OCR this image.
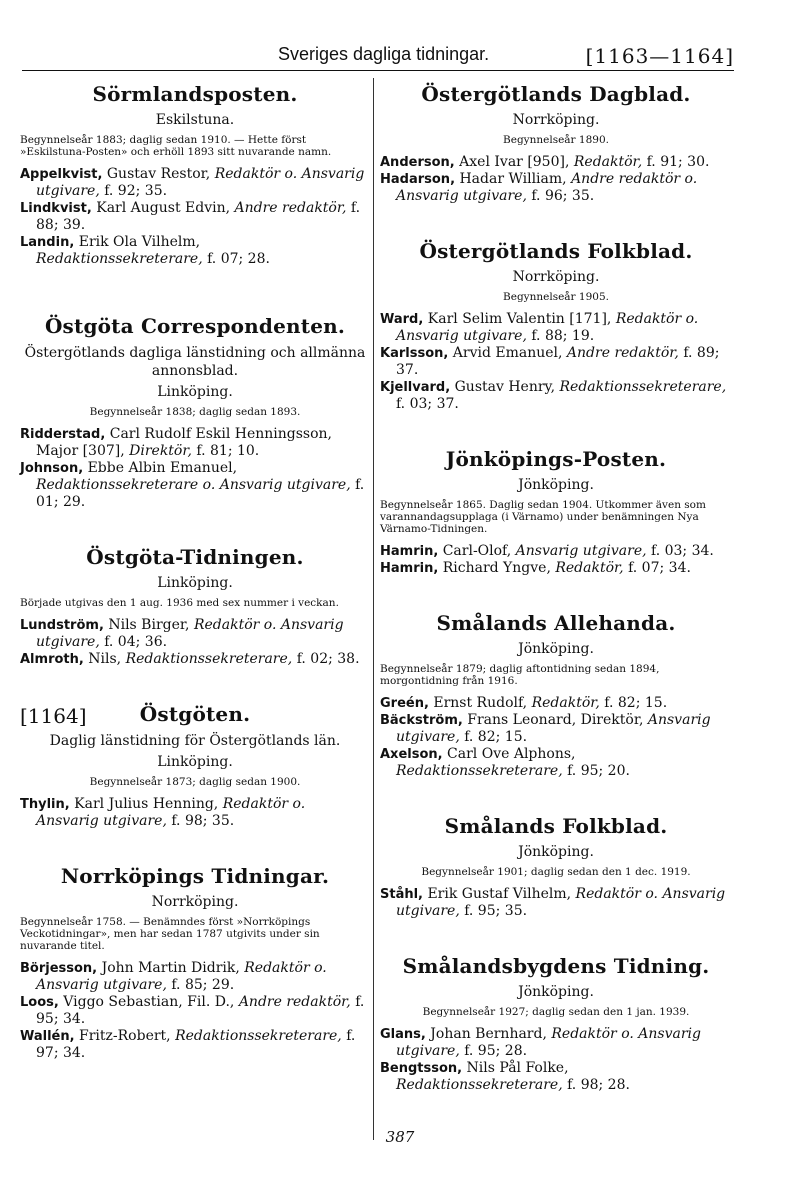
Sveriges dagliga tidningar.	[1163—1164]
Sörmlandsposten.
Eskilstuna.
Begynnelseår 1883; daglig sedan 1910. — Hette först »Eskilstuna-Posten» och erhöll 1893 sitt nuvarande namn.

Appelkvist, Gustav Restor, Redaktör o. Ansvarig utgivare, f. 92; 35.

Lindkvist, Karl August Edvin, Andre redaktör, f. 88; 39.

Landin, Erik Ola Vilhelm, Redaktionssekreterare, f. 07; 28.

Östgöta Correspondenten.
Östergötlands dagliga länstidning och allmänna annonsblad.
Linköping.
Begynnelseår 1838; daglig sedan 1893.

Ridderstad, Carl Rudolf Eskil Henningsson, Major [307], Direktör, f. 81; 10.

Johnson, Ebbe Albin Emanuel, Redaktionssekreterare o. Ansvarig utgivare, f. 01; 29.

Östgöta-Tidningen.
Linköping.
Började utgivas den 1 aug. 1936 med sex nummer i veckan.

Lundström, Nils Birger, Redaktör o. Ansvarig utgivare, f. 04; 36.

Almroth, Nils, Redaktionssekreterare, f. 02; 38.

[1164]	Östgöten.
Daglig länstidning för Östergötlands län.
Linköping.
Begynnelseår 1873; daglig sedan 1900.

Thylin, Karl Julius Henning, Redaktör o. Ansvarig utgivare, f. 98; 35.

Norrköpings Tidningar.
Norrköping.
Begynnelseår 1758. — Benämndes först »Norrköpings Veckotidningar», men har sedan 1787 utgivits under sin nuvarande titel.

Börjesson, John Martin Didrik, Redaktör o. Ansvarig utgivare, f. 85; 29.

Loos, Viggo Sebastian, Fil. D., Andre redaktör, f. 95; 34.

Wallén, Fritz-Robert, Redaktionssekreterare, f. 97; 34.

Östergötlands Dagblad.
Norrköping.
Begynnelseår 1890.

Anderson, Axel Ivar [950], Redaktör, f. 91; 30.

Hadarson, Hadar William, Andre redaktör o. Ansvarig utgivare, f. 96; 35.

Östergötlands Folkblad.
Norrköping.
Begynnelseår 1905.

Ward, Karl Selim Valentin [171], Redaktör o. Ansvarig utgivare, f. 88; 19.

Karlsson, Arvid Emanuel, Andre redaktör, f. 89; 37.

Kjellvard, Gustav Henry, Redaktionssekreterare, f. 03; 37.

Jönköpings-Posten.
Jönköping.
Begynnelseår 1865. Daglig sedan 1904. Utkommer även som varannandagsupplaga (i Värnamo) under benämningen Nya Värnamo-Tidningen.

Hamrin, Carl-Olof, Ansvarig utgivare, f. 03; 34.

Hamrin, Richard Yngve, Redaktör, f. 07; 34.

Smålands Allehanda.
Jönköping.
Begynnelseår 1879; daglig aftontidning sedan 1894, morgontidning från 1916.

Greén, Ernst Rudolf, Redaktör, f. 82; 15.

Bäckström, Frans Leonard, Direktör, Ansvarig utgivare, f. 82; 15.

Axelson, Carl Ove Alphons, Redaktionssekreterare, f. 95; 20.

Smålands Folkblad.
Jönköping.
Begynnelseår 1901; daglig sedan den 1 dec. 1919.

Ståhl, Erik Gustaf Vilhelm, Redaktör o. Ansvarig utgivare, f. 95; 35.

Smålandsbygdens Tidning.
Jönköping.
Begynnelseår 1927; daglig sedan den 1 jan. 1939.

Glans, Johan Bernhard, Redaktör o. Ansvarig utgivare, f. 95; 28.

Bengtsson, Nils Pål Folke, Redaktionssekreterare, f. 98; 28.

387
